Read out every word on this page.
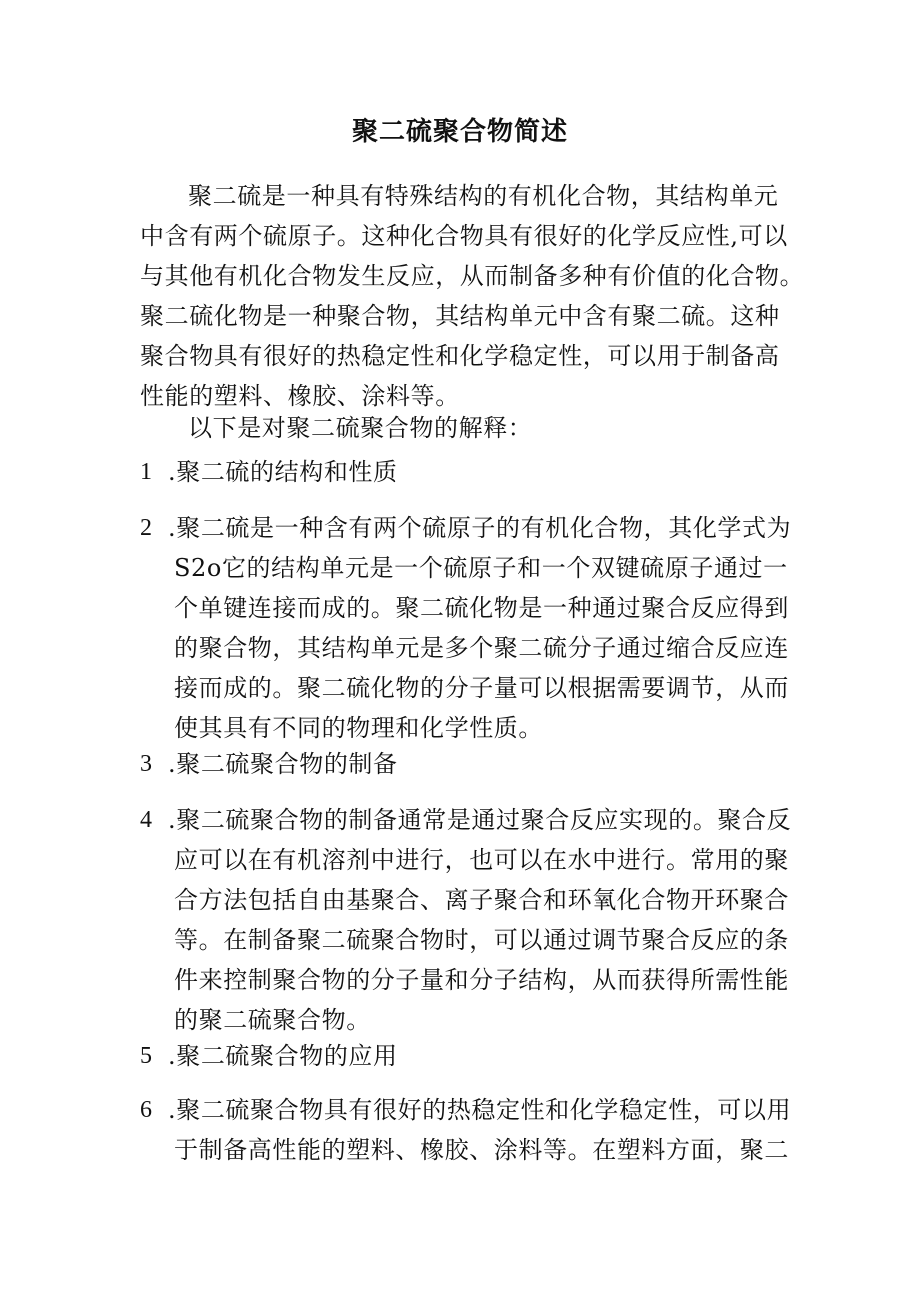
聚二硫聚合物简述
聚二硫是一种具有特殊结构的有机化合物，其结构单元
中含有两个硫原子。这种化合物具有很好的化学反应性,可以
与其他有机化合物发生反应，从而制备多种有价值的化合物。
聚二硫化物是一种聚合物，其结构单元中含有聚二硫。这种
聚合物具有很好的热稳定性和化学稳定性，可以用于制备高
性能的塑料、橡胶、涂料等。
以下是对聚二硫聚合物的解释：
1 .聚二硫的结构和性质
2 .聚二硫是一种含有两个硫原子的有机化合物，其化学式为
S2o它的结构单元是一个硫原子和一个双键硫原子通过一
个单键连接而成的。聚二硫化物是一种通过聚合反应得到
的聚合物，其结构单元是多个聚二硫分子通过缩合反应连
接而成的。聚二硫化物的分子量可以根据需要调节，从而
使其具有不同的物理和化学性质。
3 .聚二硫聚合物的制备
4 .聚二硫聚合物的制备通常是通过聚合反应实现的。聚合反
应可以在有机溶剂中进行，也可以在水中进行。常用的聚
合方法包括自由基聚合、离子聚合和环氧化合物开环聚合
等。在制备聚二硫聚合物时，可以通过调节聚合反应的条
件来控制聚合物的分子量和分子结构，从而获得所需性能
的聚二硫聚合物。
5 .聚二硫聚合物的应用
6 .聚二硫聚合物具有很好的热稳定性和化学稳定性，可以用
于制备高性能的塑料、橡胶、涂料等。在塑料方面，聚二
